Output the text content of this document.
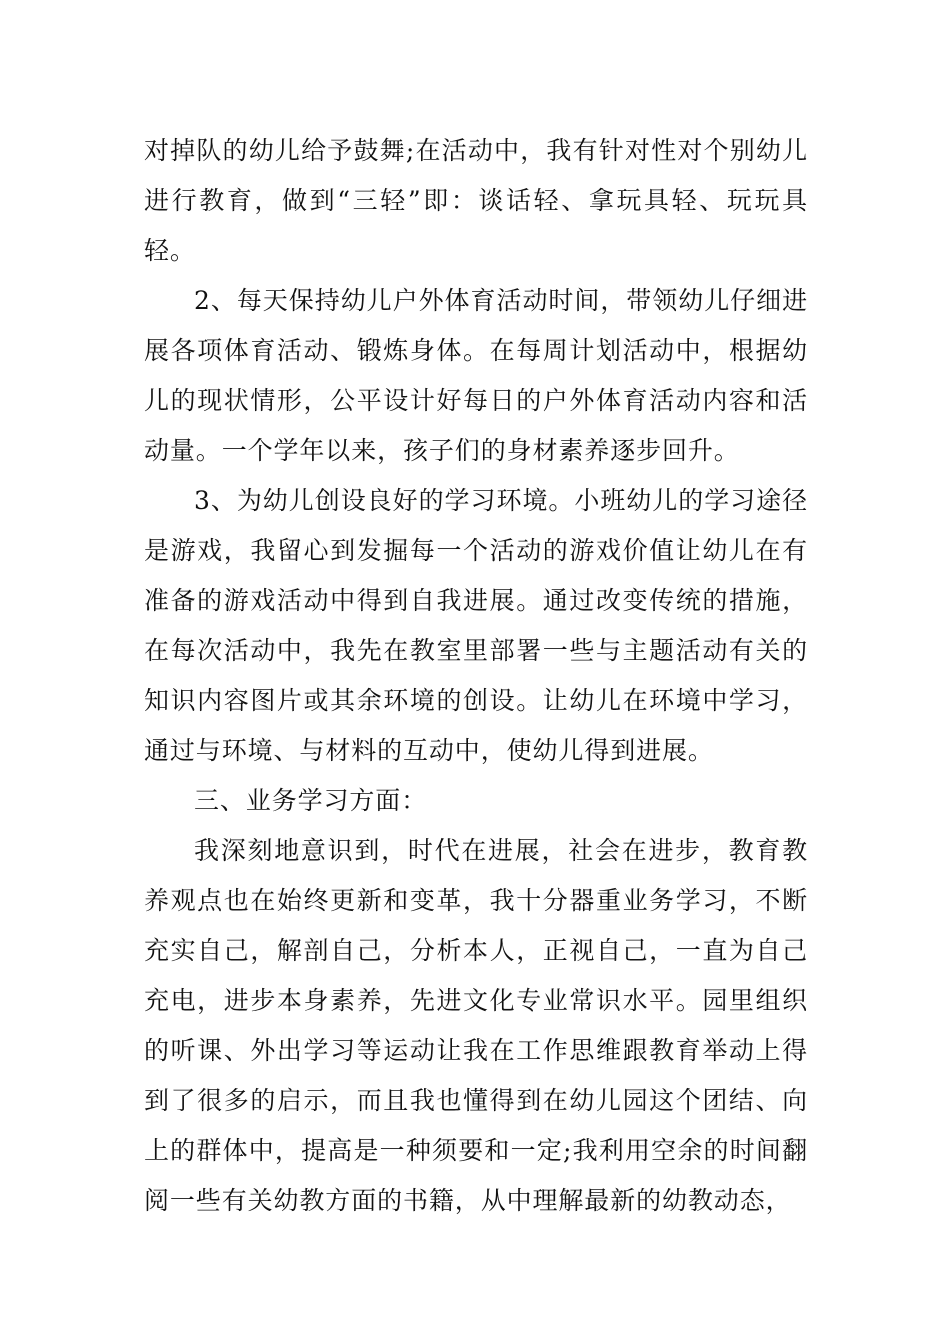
对掉队的幼儿给予鼓舞;在活动中，我有针对性对个别幼儿进行教育，做到“三轻”即：谈话轻、拿玩具轻、玩玩具轻。

2、每天保持幼儿户外体育活动时间，带领幼儿仔细进展各项体育活动、锻炼身体。在每周计划活动中，根据幼儿的现状情形，公平设计好每日的户外体育活动内容和活动量。一个学年以来，孩子们的身材素养逐步回升。

3、为幼儿创设良好的学习环境。小班幼儿的学习途径是游戏，我留心到发掘每一个活动的游戏价值让幼儿在有准备的游戏活动中得到自我进展。通过改变传统的措施，在每次活动中，我先在教室里部署一些与主题活动有关的知识内容图片或其余环境的创设。让幼儿在环境中学习，通过与环境、与材料的互动中，使幼儿得到进展。

三、业务学习方面：

我深刻地意识到，时代在进展，社会在进步，教育教养观点也在始终更新和变革，我十分器重业务学习，不断充实自己，解剖自己，分析本人，正视自己，一直为自己充电，进步本身素养，先进文化专业常识水平。园里组织的听课、外出学习等运动让我在工作思维跟教育举动上得到了很多的启示，而且我也懂得到在幼儿园这个团结、向上的群体中，提高是一种须要和一定;我利用空余的时间翻阅一些有关幼教方面的书籍，从中理解最新的幼教动态，
